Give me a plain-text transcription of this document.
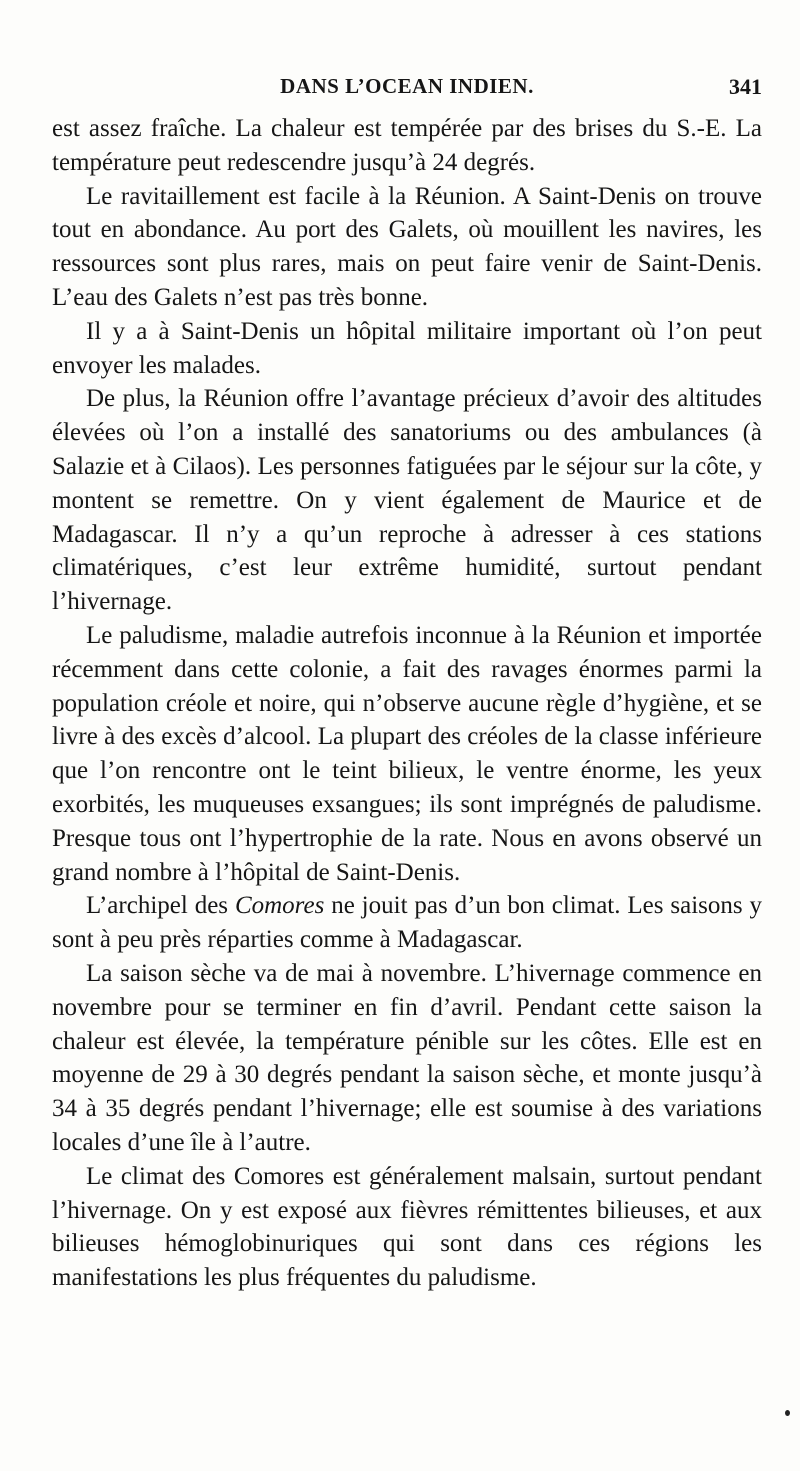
DANS L’OCEAN INDIEN.	341

est assez fraîche. La chaleur est tempérée par des brises du S.-E. La température peut redescendre jusqu’à 24 degrés.

Le ravitaillement est facile à la Réunion. A Saint-Denis on trouve tout en abondance. Au port des Galets, où mouillent les navires, les ressources sont plus rares, mais on peut faire venir de Saint-Denis. L’eau des Galets n’est pas très bonne.

Il y a à Saint-Denis un hôpital militaire important où l’on peut envoyer les malades.

De plus, la Réunion offre l’avantage précieux d’avoir des altitudes élevées où l’on a installé des sanatoriums ou des ambulances (à Salazie et à Cilaos). Les personnes fatiguées par le séjour sur la côte, y montent se remettre. On y vient également de Maurice et de Madagascar. Il n’y a qu’un reproche à adresser à ces stations climatériques, c’est leur extrême humidité, surtout pendant l’hivernage.

Le paludisme, maladie autrefois inconnue à la Réunion et importée récemment dans cette colonie, a fait des ravages énormes parmi la population créole et noire, qui n’observe aucune règle d’hygiène, et se livre à des excès d’alcool. La plupart des créoles de la classe inférieure que l’on rencontre ont le teint bilieux, le ventre énorme, les yeux exorbités, les muqueuses exsangues; ils sont imprégnés de paludisme. Presque tous ont l’hypertrophie de la rate. Nous en avons observé un grand nombre à l’hôpital de Saint-Denis.

L’archipel des Comores ne jouit pas d’un bon climat. Les saisons y sont à peu près réparties comme à Madagascar.

La saison sèche va de mai à novembre. L’hivernage commence en novembre pour se terminer en fin d’avril. Pendant cette saison la chaleur est élevée, la température pénible sur les côtes. Elle est en moyenne de 29 à 30 degrés pendant la saison sèche, et monte jusqu’à 34 à 35 degrés pendant l’hivernage; elle est soumise à des variations locales d’une île à l’autre.

Le climat des Comores est généralement malsain, surtout pendant l’hivernage. On y est exposé aux fièvres rémittentes bilieuses, et aux bilieuses hémoglobinuriques qui sont dans ces régions les manifestations les plus fréquentes du paludisme.
